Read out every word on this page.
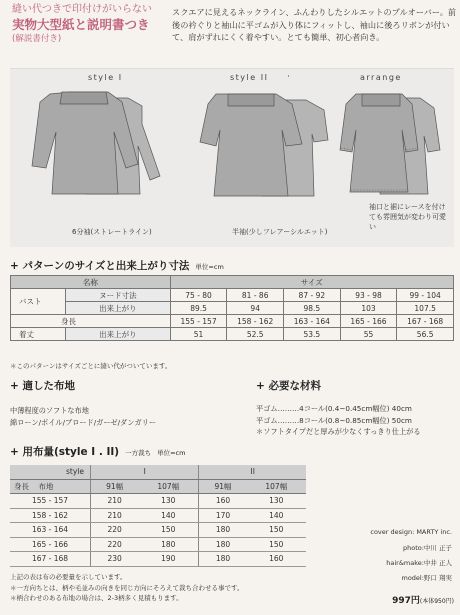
縫い代つきで印付けがいらない
実物大型紙と説明書つき
(解説書付き)
スクエアに見えるネックライン、ふんわりしたシルエットのプルオーバー。前後の衿ぐりと袖山に平ゴムが入り体にフィットし、袖山に後ろリボンが付いて、肩がずれにくく着やすい。とても簡単、初心者向き。
style I	style II ·	arrange
6分袖(ストレートライン)	半袖(少しフレアーシルエット)
袖口と裾にレースを付けても雰囲気が変わり可愛い
+ パターンのサイズと出来上がり寸法 単位=cm
名称		サイズ				
バスト	ヌード寸法	75 - 80	81 - 86	87 - 92	93 - 98	99 - 104
	出来上がり	89.5	94	98.5	103	107.5
身長		155 - 157	158 - 162	163 - 164	165 - 166	167 - 168
着丈	出来上がり	51	52.5	53.5	55	56.5
＊このパターンはサイズごとに縫い代がついています。
+ 適した布地
中薄程度のソフトな布地
綿ローン/ボイル/ブロード/ガーゼ/ダンガリー
+ 必要な材料
平ゴム………4コール(0.4~0.45cm幅位) 40cm
平ゴム………8コール(0.8~0.85cm幅位) 50cm
＊ソフトタイプだと厚みが少なくすっきり仕上がる
+ 用布量(style I . II) 一方裁ち 単位=cm
style	I		II	
身長 布地	91幅	107幅	91幅	107幅
155 - 157	210	130	160	130
158 - 162	210	140	170	140
163 - 164	220	150	180	150
165 - 166	220	180	180	150
167 - 168	230	190	180	160
上記の表は布の必要量を示しています。
＊一方向ちとは、柄や毛並みの向きを同じ方向にそろえて裁ち合わせる事です。
＊柄合わせのある布地の場合は、2-3柄多く見積もります。
cover design: MARTY inc.
photo:中川 正子
hair&make:中井 正人
model:野口 翔実
997円(本体950円)
